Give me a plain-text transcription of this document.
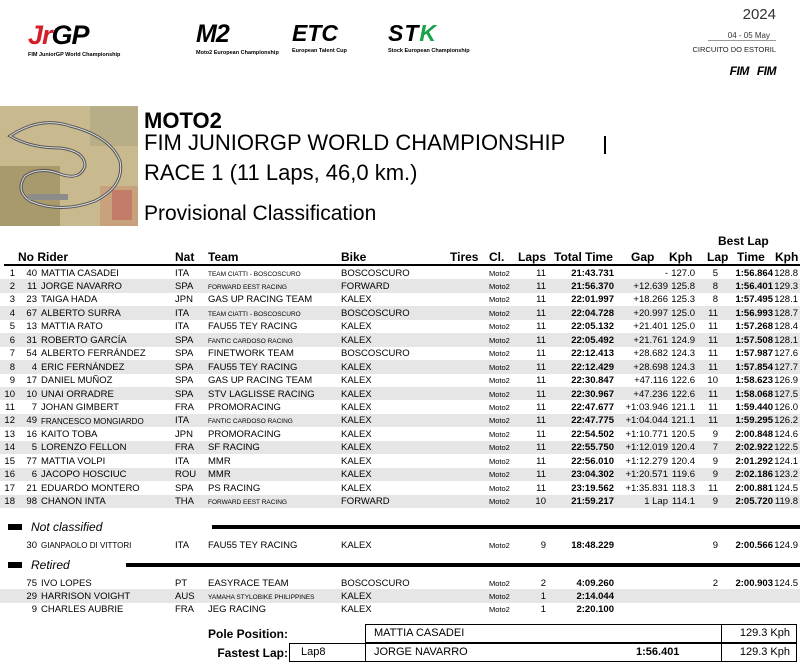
JrGP
FIM JuniorGP World Championship
M2
Moto2 European Championship
ETC
European Talent Cup
STK
Stock European Championship
2024
04 - 05 May
CIRCUITO DO ESTORIL
FIM FIM
MOTO2
FIM JUNIORGP WORLD CHAMPIONSHIP
RACE 1 (11 Laps, 46,0 km.)
Provisional Classification
Best Lap
No Rider	Nat Team	Bike	Tires Cl. Laps Total Time Gap Kph Lap Time Kph
1	40 MATTIA CASADEI	ITA	TEAM CIATTI - BOSCOSCURO	BOSCOSCURO	Moto2	11	21:43.731	- 127.0	5	1:56.864 128.8
2	11 JORGE NAVARRO	SPA FORWARD EEST RACING	FORWARD	Moto2	11	21:56.370	+12.639 125.8	8	1:56.401 129.3
3	23 TAIGA HADA	JPN GAS UP RACING TEAM	KALEX	Moto2	11	22:01.997	+18.266 125.3	8	1:57.495 128.1
4	67 ALBERTO SURRA	ITA	TEAM CIATTI - BOSCOSCURO	BOSCOSCURO	Moto2	11	22:04.728	+20.997 125.0	11	1:56.993 128.7
5	13 MATTIA RATO	ITA FAU55 TEY RACING	KALEX	Moto2	11	22:05.132	+21.401 125.0	11	1:57.268 128.4
6	31 ROBERTO GARCÍA	SPA FANTIC CARDOSO RACING	KALEX	Moto2	11	22:05.492	+21.761 124.9	11	1:57.508 128.1
7	54 ALBERTO FERRÁNDEZ	SPA FINETWORK TEAM	BOSCOSCURO	Moto2	11	22:12.413	+28.682 124.3	11	1:57.987 127.6
8	4 ERIC FERNÁNDEZ	SPA FAU55 TEY RACING	KALEX	Moto2	11	22:12.429	+28.698 124.3	11	1:57.854 127.7
9	17 DANIEL MUÑOZ	SPA GAS UP RACING TEAM	KALEX	Moto2	11	22:30.847	+47.116 122.6	10	1:58.623 126.9
10	10 UNAI ORRADRE	SPA STV LAGLISSE RACING	KALEX	Moto2	11	22:30.967	+47.236 122.6	11	1:58.068 127.5
11	7 JOHAN GIMBERT	FRA PROMORACING	KALEX	Moto2	11	22:47.677	+1:03.946 121.1	11	1:59.440 126.0
12	49 FRANCESCO MONGIARDO	ITA	FANTIC CARDOSO RACING	KALEX	Moto2	11	22:47.775	+1:04.044 121.1	11	1:59.295 126.2
13	16 KAITO TOBA	JPN PROMORACING	KALEX	Moto2	11	22:54.502	+1:10.771 120.5	9	2:00.848 124.6
14	5 LORENZO FELLON	FRA SF RACING	KALEX	Moto2	11	22:55.750	+1:12.019 120.4	7	2:02.922 122.5
15	77 MATTIA VOLPI	ITA MMR	KALEX	Moto2	11	22:56.010	+1:12.279 120.4	9	2:01.292 124.1
16	6 JACOPO HOSCIUC	ROU MMR	KALEX	Moto2	11	23:04.302	+1:20.571 119.6	9	2:02.186 123.2
17	21 EDUARDO MONTERO	SPA PS RACING	KALEX	Moto2	11	23:19.562	+1:35.831 118.3	11	2:00.881 124.5
18	98 CHANON INTA	THA FORWARD EEST RACING	FORWARD	Moto2	10	21:59.217	1 Lap 114.1	9	2:05.720 119.8
Not classified
30 GIANPAOLO DI VITTORI	ITA FAU55 TEY RACING	KALEX	Moto2	9	18:48.229	9	2:00.566 124.9
Retired
75 IVO LOPES	PT EASYRACE TEAM	BOSCOSCURO	Moto2	2	4:09.260	2	2:00.903 124.5
29 HARRISON VOIGHT	AUS YAMAHA STYLOBIKE PHILIPPINES	KALEX	Moto2	1	2:14.044
9 CHARLES AUBRIE	FRA JEG RACING	KALEX	Moto2	1	2:20.100
Pole Position:	MATTIA CASADEI	129.3 Kph
Fastest Lap: Lap8	JORGE NAVARRO	1:56.401	129.3 Kph
